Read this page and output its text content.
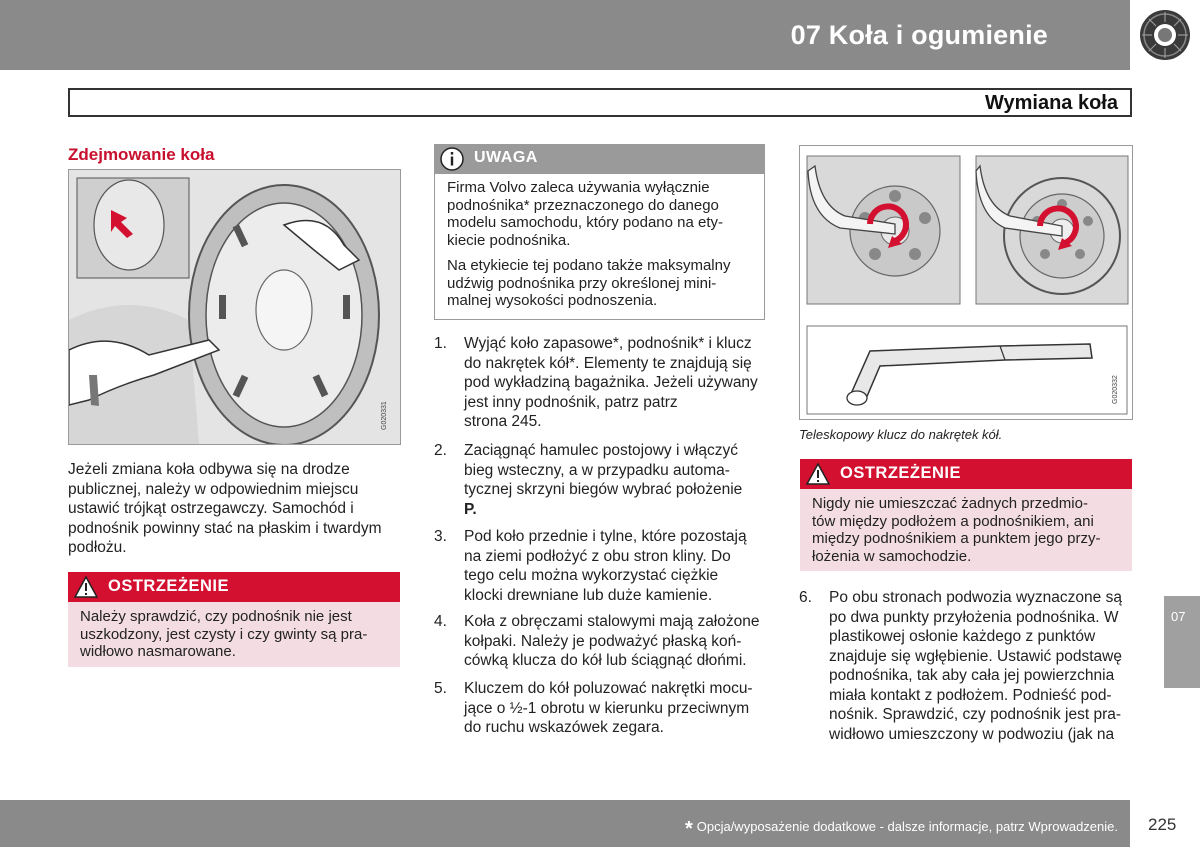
07 Koła i ogumienie
Wymiana koła
Zdejmowanie koła
G020331
Jeżeli zmiana koła odbywa się na drodze
publicznej, należy w odpowiednim miejscu
ustawić trójkąt ostrzegawczy. Samochód i
podnośnik powinny stać na płaskim i twardym
podłożu.
OSTRZEŻENIE
Należy sprawdzić, czy podnośnik nie jest
uszkodzony, jest czysty i czy gwinty są pra-
widłowo nasmarowane.
UWAGA

Firma Volvo zaleca używania wyłącznie
podnośnika* przeznaczonego do danego
modelu samochodu, który podano na ety-
kiecie podnośnika.

Na etykiecie tej podano także maksymalny
udźwig podnośnika przy określonej mini-
malnej wysokości podnoszenia.

1. Wyjąć koło zapasowe*, podnośnik* i klucz
do nakrętek kół*. Elementy te znajdują się
pod wykładziną bagażnika. Jeżeli używany
jest inny podnośnik, patrz patrz
strona 245.
2. Zaciągnąć hamulec postojowy i włączyć
bieg wsteczny, a w przypadku automa-
tycznej skrzyni biegów wybrać położenie
P.
3. Pod koło przednie i tylne, które pozostają
na ziemi podłożyć z obu stron kliny. Do
tego celu można wykorzystać ciężkie
klocki drewniane lub duże kamienie.
4. Koła z obręczami stalowymi mają założone
kołpaki. Należy je podważyć płaską koń-
cówką klucza do kół lub ściągnąć dłońmi.
5. Kluczem do kół poluzować nakrętki mocu-
jące o ½-1 obrotu w kierunku przeciwnym
do ruchu wskazówek zegara.
G020332
Teleskopowy klucz do nakrętek kół.
OSTRZEŻENIE
Nigdy nie umieszczać żadnych przedmio-
tów między podłożem a podnośnikiem, ani
między podnośnikiem a punktem jego przy-
łożenia w samochodzie.
6. Po obu stronach podwozia wyznaczone są
po dwa punkty przyłożenia podnośnika. W
plastikowej osłonie każdego z punktów
znajduje się wgłębienie. Ustawić podstawę
podnośnika, tak aby cała jej powierzchnia
miała kontakt z podłożem. Podnieść pod-
nośnik. Sprawdzić, czy podnośnik jest pra-
widłowo umieszczony w podwoziu (jak na
07
* Opcja/wyposażenie dodatkowe - dalsze informacje, patrz Wprowadzenie. 225
